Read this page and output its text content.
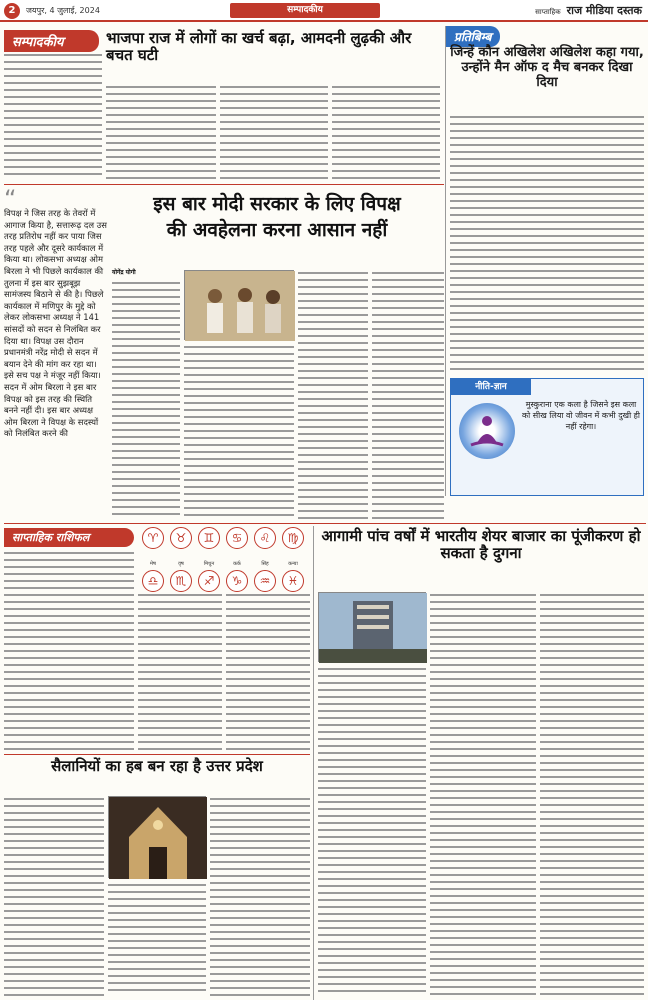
2	जयपुर, 4 जुलाई, 2024	सम्पादकीय	साप्ताहिक राज मीडिया दस्तक
सम्पादकीय	भाजपा राज में लोगों का खर्च बढ़ा, आमदनी लुढ़की और बचत घटी
प्रतिबिम्ब
जिन्हें कौन अखिलेश अखिलेश कहा गया, उन्होंने मैन ऑफ द मैच बनकर दिखा दिया
नीति-ज्ञान
मुस्कुराना एक कला है जिसने इस कला को सीख लिया वो जीवन में कभी दुखी ही नहीं रहेगा।
“
विपक्ष ने जिस तरह के तेवरों में आगाज किया है, सत्तारूढ़ दल उस तरह प्रतिरोध नहीं कर पाया जिस तरह पहले और दूसरे कार्यकाल में किया था। लोकसभा अध्यक्ष ओम बिरला ने भी पिछले कार्यकाल की तुलना में इस बार सुझबूझ सामंजस्य बिठाने से की है। पिछले कार्यकाल में मणिपुर के मुद्दे को लेकर लोकसभा अध्यक्ष ने 141 सांसदों को सदन से निलंबित कर दिया था। विपक्ष उस दौरान प्रधानमंत्री नरेंद्र मोदी से सदन में बयान देने की मांग कर रहा था। इसे सच पक्ष ने मंजूर नहीं किया। सदन में ओम बिरला ने इस बार विपक्ष को इस तरह की स्थिति बनने नहीं दी। इस बार अध्यक्ष ओम बिरला ने विपक्ष के सदस्यों को निलंबित करने की
इस बार मोदी सरकार के लिए विपक्ष
की अवहेलना करना आसान नहीं
योगेंद्र योगी
साप्ताहिक राशिफल	♈मेष
♉वृष
♊मिथुन
♋कर्क
♌सिंह
♍कन्या
♎	♏	♐	♑	♒	♓
आगामी पांच वर्षों में भारतीय शेयर बाजार का पूंजीकरण हो सकता है दुगना
सैलानियों का हब बन रहा है उत्तर प्रदेश
